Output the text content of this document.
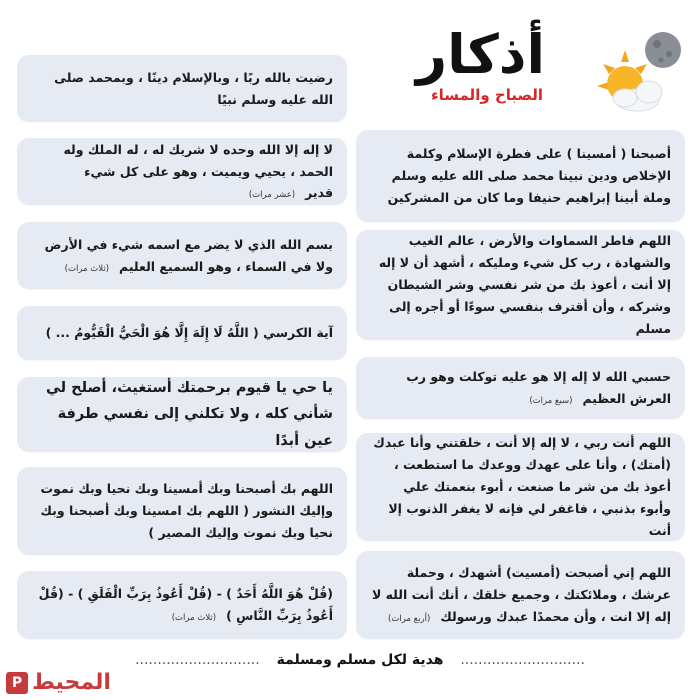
أذكار
الصباح والمساء
رضيت بالله ربًا ، وبالإسلام دينًا ، وبمحمد صلى الله عليه وسلم نبيًا
لا إله إلا الله وحده لا شريك له ، له الملك وله الحمد ، يحيي ويميت ، وهو على كل شيء قدير(عشر مرات)
بسم الله الذي لا يضر مع اسمه شيء في الأرض ولا في السماء ، وهو السميع العليم(ثلاث مرات)
آية الكرسي ( اللَّهُ لَا إِلَهَ إِلَّا هُوَ الْحَيُّ الْقَيُّومُ ... )
يا حي يا قيوم برحمتك أستغيث، أصلح لي شأني كله ، ولا تكلني إلى نفسي طرفة عين أبدًا
اللهم بك أصبحنا وبك أمسينا وبك نحيا وبك نموت وإليك النشور ( اللهم بك امسينا وبك أصبحنا وبك نحيا وبك نموت وإليك المصير )
(قُلْ هُوَ اللَّهُ أَحَدٌ ) - (قُلْ أَعُوذُ بِرَبِّ الْفَلَقِ ) - (قُلْ أَعُوذُ بِرَبِّ النَّاسِ )(ثلاث مرات)
أصبحنا ( أمسينا ) على فطرة الإسلام وكلمة الإخلاص ودين نبينا محمد صلى الله عليه وسلم وملة أبينا إبراهيم حنيفا وما كان من المشركين
اللهم فاطر السماوات والأرض ، عالم الغيب والشهادة ، رب كل شيء ومليكه ، أشهد أن لا إله إلا أنت ، أعوذ بك من شر نفسي وشر الشيطان وشركه ، وأن أقترف بنفسي سوءًا أو أجره إلى مسلم
حسبي الله لا إله إلا هو عليه توكلت وهو رب العرش العظيم(سبع مرات)
اللهم أنت ربي ، لا إله إلا أنت ، خلقتني وأنا عبدك (أمتك) ، وأنا على عهدك ووعدك ما استطعت ، أعوذ بك من شر ما صنعت ، أبوء بنعمتك علي وأبوء بذنبي ، فاغفر لي فإنه لا يغفر الذنوب إلا أنت
اللهم إني أصبحت (أمسيت) أشهدك ، وحملة عرشك ، وملائكتك ، وجميع خلقك ، أنك أنت الله لا إله إلا انت ، وأن محمدًا عبدك ورسولك(أربع مرات)
............................ هدية لكل مسلم ومسلمة ............................
المحيط
P
